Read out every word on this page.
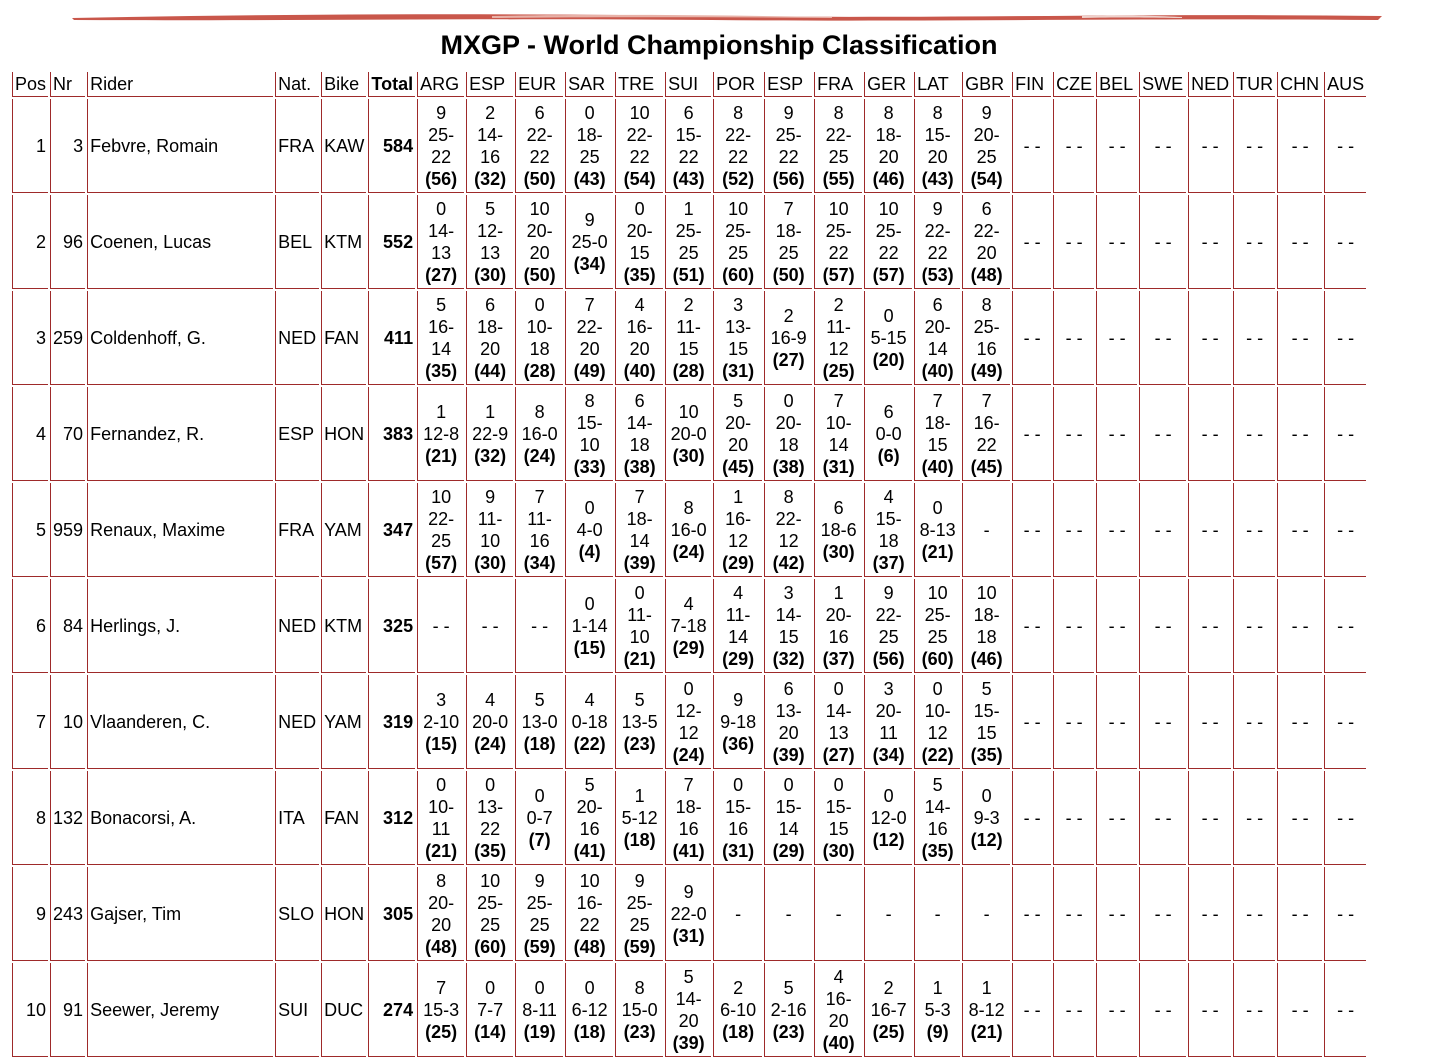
MXGP - World Championship Classification
Pos	Nr	Rider	Nat.	Bike	Total	ARG	ESP	EUR	SAR	TRE	SUI	POR	ESP	FRA	GER	LAT	GBR	FIN	CZE	BEL	SWE	NED	TUR	CHN	AUS
1	3	Febvre, Romain	FRA	KAW	584	9
25-22
(56)	2
14-16
(32)	6
22-22
(50)	0
18-25
(43)	10
22-22
(54)	6
15-22
(43)	8
22-22
(52)	9
25-22
(56)	8
22-25
(55)	8
18-20
(46)	8
15-20
(43)	9
20-25
(54)	- -	- -	- -	- -	- -	- -	- -	- -

2	96	Coenen, Lucas	BEL	KTM	552	0
14-13
(27)	5
12-13
(30)	10
20-20
(50)	9
25-0
(34)	0
20-15
(35)	1
25-25
(51)	10
25-25
(60)	7
18-25
(50)	10
25-22
(57)	10
25-22
(57)	9
22-22
(53)	6
22-20
(48)	- -	- -	- -	- -	- -	- -	- -	- -

3	259	Coldenhoff, G.	NED	FAN	411	5
16-14
(35)	6
18-20
(44)	0
10-18
(28)	7
22-20
(49)	4
16-20
(40)	2
11-15
(28)	3
13-15
(31)	2
16-9
(27)	2
11-12
(25)	0
5-15
(20)	6
20-14
(40)	8
25-16
(49)	- -	- -	- -	- -	- -	- -	- -	- -

4	70	Fernandez, R.	ESP	HON	383	1
12-8
(21)	1
22-9
(32)	8
16-0
(24)	8
15-10
(33)	6
14-18
(38)	10
20-0
(30)	5
20-20
(45)	0
20-18
(38)	7
10-14
(31)	6
0-0
(6)	7
18-15
(40)	7
16-22
(45)	- -	- -	- -	- -	- -	- -	- -	- -

5	959	Renaux, Maxime	FRA	YAM	347	10
22-25
(57)	9
11-10
(30)	7
11-16
(34)	0
4-0
(4)	7
18-14
(39)	8
16-0
(24)	1
16-12
(29)	8
22-12
(42)	6
18-6
(30)	4
15-18
(37)	0
8-13
(21)	-	- -	- -	- -	- -	- -	- -	- -	- -

6	84	Herlings, J.	NED	KTM	325	- -	- -	- -	0
1-14
(15)	0
11-10
(21)	4
7-18
(29)	4
11-14
(29)	3
14-15
(32)	1
20-16
(37)	9
22-25
(56)	10
25-25
(60)	10
18-18
(46)	- -	- -	- -	- -	- -	- -	- -	- -

7	10	Vlaanderen, C.	NED	YAM	319	3
2-10
(15)	4
20-0
(24)	5
13-0
(18)	4
0-18
(22)	5
13-5
(23)	0
12-12
(24)	9
9-18
(36)	6
13-20
(39)	0
14-13
(27)	3
20-11
(34)	0
10-12
(22)	5
15-15
(35)	- -	- -	- -	- -	- -	- -	- -	- -

8	132	Bonacorsi, A.	ITA	FAN	312	0
10-11
(21)	0
13-22
(35)	0
0-7
(7)	5
20-16
(41)	1
5-12
(18)	7
18-16
(41)	0
15-16
(31)	0
15-14
(29)	0
15-15
(30)	0
12-0
(12)	5
14-16
(35)	0
9-3
(12)	- -	- -	- -	- -	- -	- -	- -	- -

9	243	Gajser, Tim	SLO	HON	305	8
20-20
(48)	10
25-25
(60)	9
25-25
(59)	10
16-22
(48)	9
25-25
(59)	9
22-0
(31)	-	-	-	-	-	-	- -	- -	- -	- -	- -	- -	- -	- -

10	91	Seewer, Jeremy	SUI	DUC	274	7
15-3
(25)	0
7-7
(14)	0
8-11
(19)	0
6-12
(18)	8
15-0
(23)	5
14-20
(39)	2
6-10
(18)	5
2-16
(23)	4
16-20
(40)	2
16-7
(25)	1
5-3
(9)	1
8-12
(21)	- -	- -	- -	- -	- -	- -	- -	- -
